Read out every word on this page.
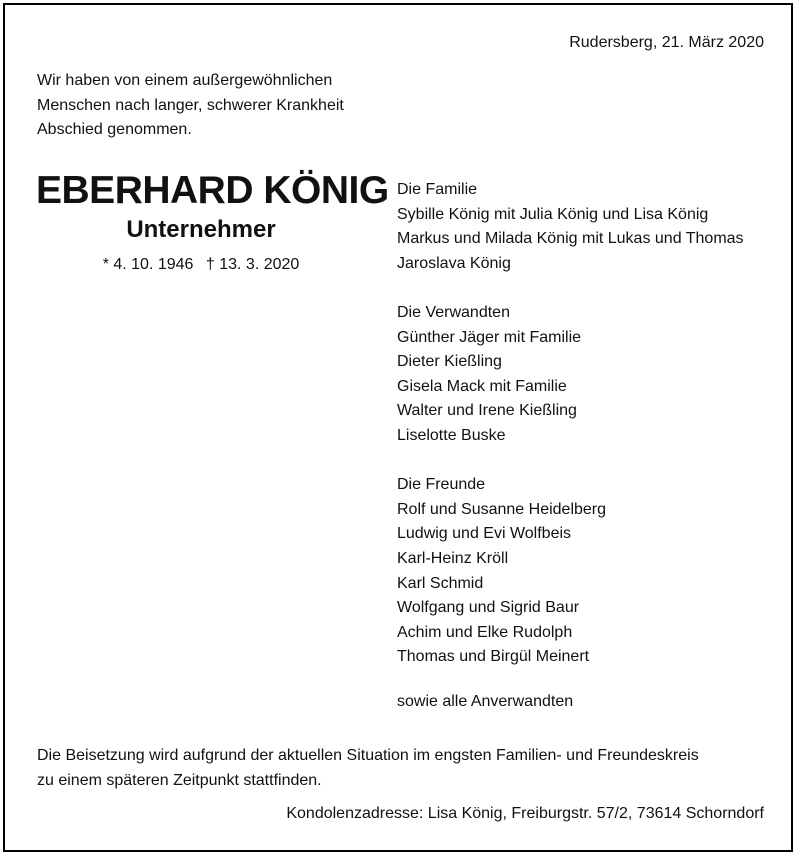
Rudersberg, 21. März 2020
Wir haben von einem außergewöhnlichen
Menschen nach langer, schwerer Krankheit
Abschied genommen.
EBERHARD KÖNIG
Unternehmer
* 4. 10. 1946 † 13. 3. 2020
Die Familie
Sybille König mit Julia König und Lisa König
Markus und Milada König mit Lukas und Thomas
Jaroslava König
Die Verwandten
Günther Jäger mit Familie
Dieter Kießling
Gisela Mack mit Familie
Walter und Irene Kießling
Liselotte Buske
Die Freunde
Rolf und Susanne Heidelberg
Ludwig und Evi Wolfbeis
Karl-Heinz Kröll
Karl Schmid
Wolfgang und Sigrid Baur
Achim und Elke Rudolph
Thomas und Birgül Meinert
sowie alle Anverwandten
Die Beisetzung wird aufgrund der aktuellen Situation im engsten Familien- und Freundeskreis
zu einem späteren Zeitpunkt stattfinden.
Kondolenzadresse: Lisa König, Freiburgstr. 57/2, 73614 Schorndorf
